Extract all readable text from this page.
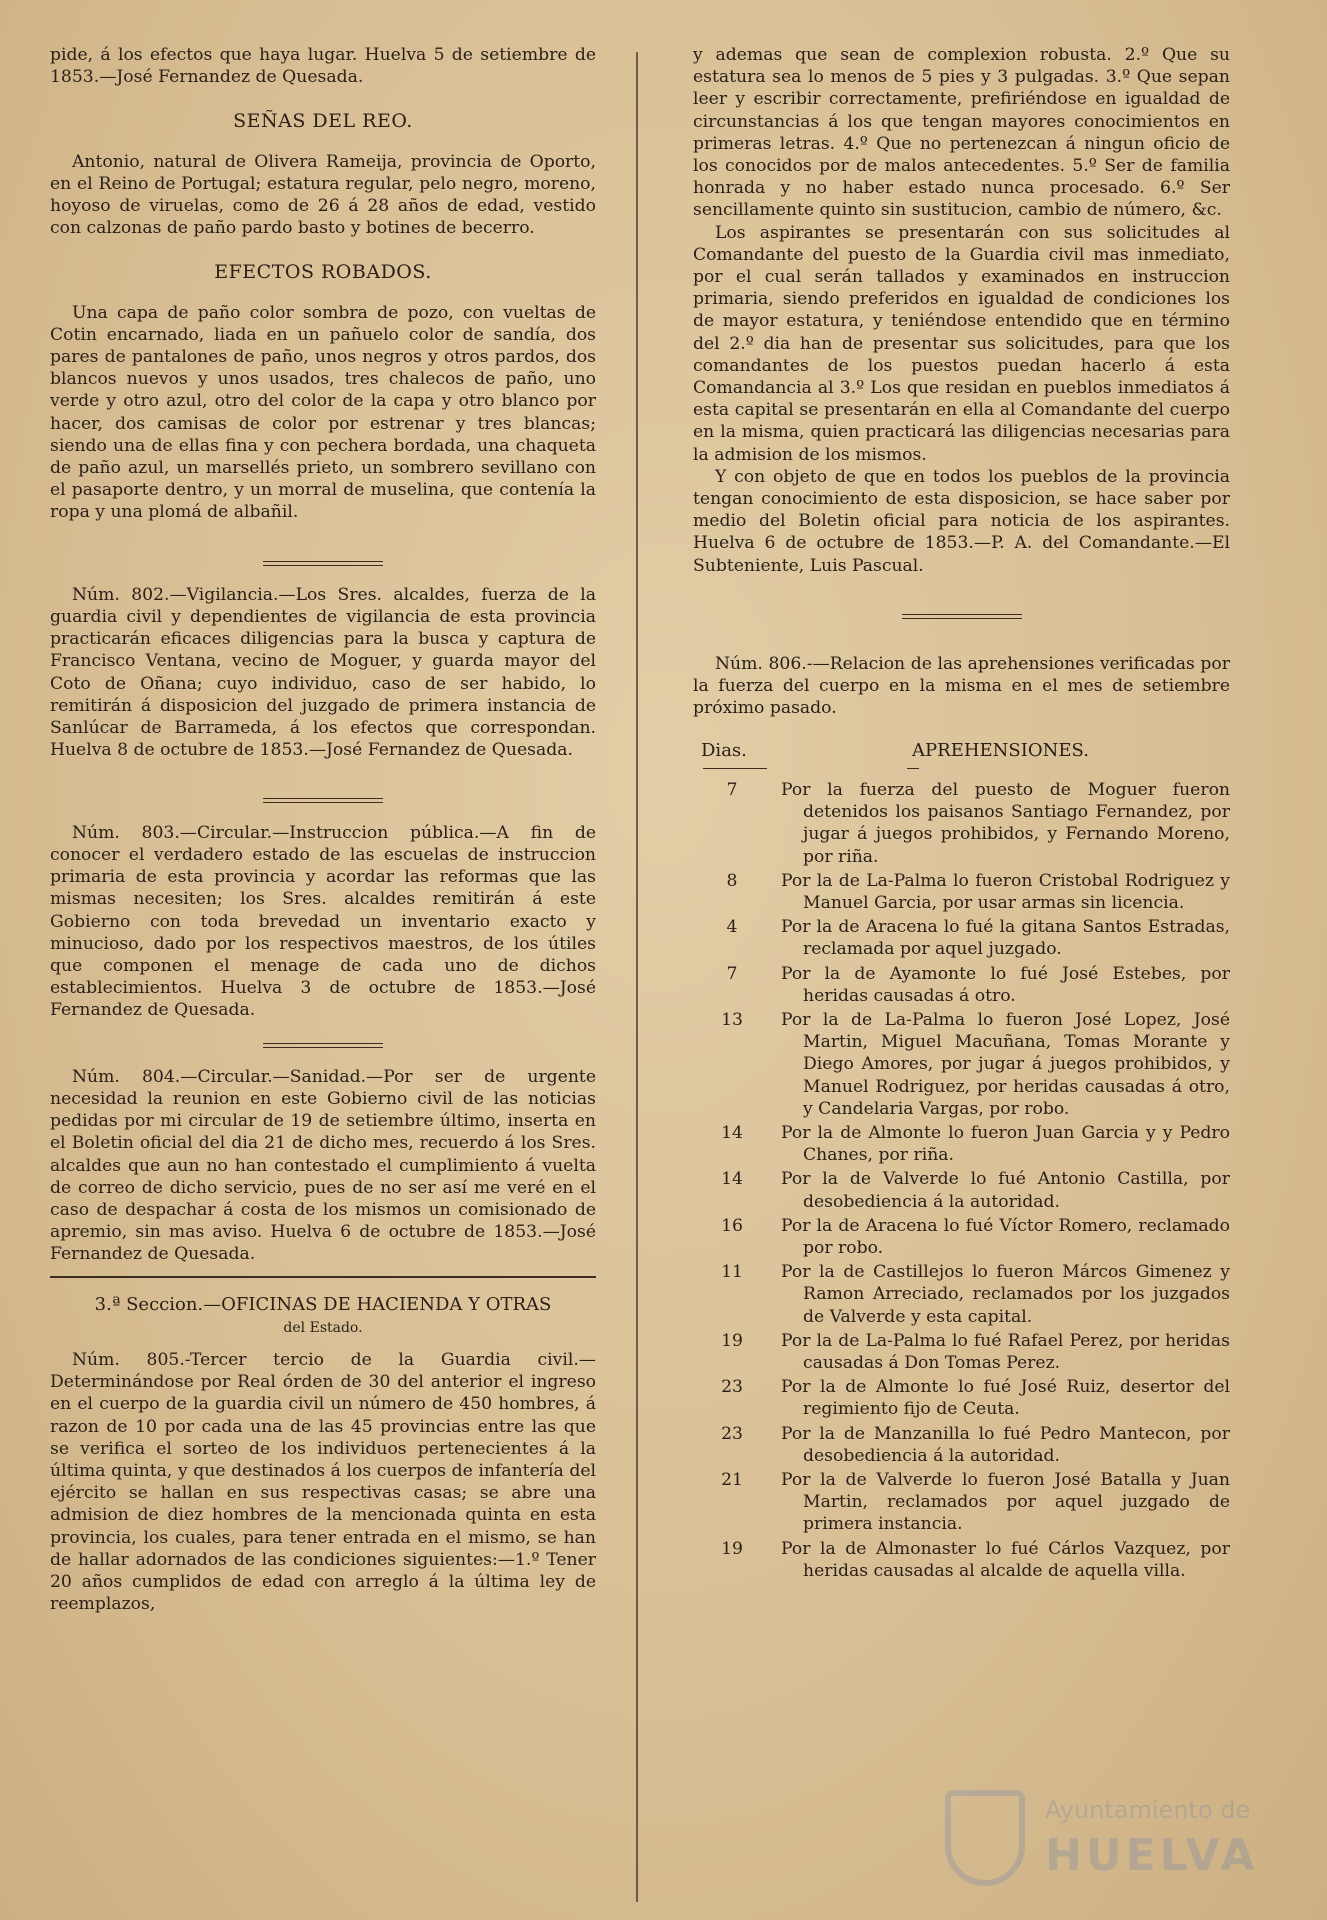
pide, á los efectos que haya lugar. Huelva 5 de setiembre de 1853.—José Fernandez de Quesada.

SEÑAS DEL REO.

Antonio, natural de Olivera Rameija, provincia de Oporto, en el Reino de Portugal; estatura regular, pelo negro, moreno, hoyoso de viruelas, como de 26 á 28 años de edad, vestido con calzonas de paño pardo basto y botines de becerro.

EFECTOS ROBADOS.

Una capa de paño color sombra de pozo, con vueltas de Cotin encarnado, liada en un pañuelo color de sandía, dos pares de pantalones de paño, unos negros y otros pardos, dos blancos nuevos y unos usados, tres chalecos de paño, uno verde y otro azul, otro del color de la capa y otro blanco por hacer, dos camisas de color por estrenar y tres blancas; siendo una de ellas fina y con pechera bordada, una chaqueta de paño azul, un marsellés prieto, un sombrero sevillano con el pasaporte dentro, y un morral de muselina, que contenía la ropa y una plomá de albañil.

Núm. 802.—Vigilancia.—Los Sres. alcaldes, fuerza de la guardia civil y dependientes de vigilancia de esta provincia practicarán eficaces diligencias para la busca y captura de Francisco Ventana, vecino de Moguer, y guarda mayor del Coto de Oñana; cuyo individuo, caso de ser habido, lo remitirán á disposicion del juzgado de primera instancia de Sanlúcar de Barrameda, á los efectos que correspondan. Huelva 8 de octubre de 1853.—José Fernandez de Quesada.

Núm. 803.—Circular.—Instruccion pública.—A fin de conocer el verdadero estado de las escuelas de instruccion primaria de esta provincia y acordar las reformas que las mismas necesiten; los Sres. alcaldes remitirán á este Gobierno con toda brevedad un inventario exacto y minucioso, dado por los respectivos maestros, de los útiles que componen el menage de cada uno de dichos establecimientos. Huelva 3 de octubre de 1853.—José Fernandez de Quesada.

Núm. 804.—Circular.—Sanidad.—Por ser de urgente necesidad la reunion en este Gobierno civil de las noticias pedidas por mi circular de 19 de setiembre último, inserta en el Boletin oficial del dia 21 de dicho mes, recuerdo á los Sres. alcaldes que aun no han contestado el cumplimiento á vuelta de correo de dicho servicio, pues de no ser así me veré en el caso de despachar á costa de los mismos un comisionado de apremio, sin mas aviso. Huelva 6 de octubre de 1853.—José Fernandez de Quesada.

3.ª Seccion.—OFICINAS DE HACIENDA Y OTRAS
del Estado.

Núm. 805.-Tercer tercio de la Guardia civil.—Determinándose por Real órden de 30 del anterior el ingreso en el cuerpo de la guardia civil un número de 450 hombres, á razon de 10 por cada una de las 45 provincias entre las que se verifica el sorteo de los individuos pertenecientes á la última quinta, y que destinados á los cuerpos de infantería del ejército se hallan en sus respectivas casas; se abre una admision de diez hombres de la mencionada quinta en esta provincia, los cuales, para tener entrada en el mismo, se han de hallar adornados de las condiciones siguientes:—1.º Tener 20 años cumplidos de edad con arreglo á la última ley de reemplazos,

y ademas que sean de complexion robusta. 2.º Que su estatura sea lo menos de 5 pies y 3 pulgadas. 3.º Que sepan leer y escribir correctamente, prefiriéndose en igualdad de circunstancias á los que tengan mayores conocimientos en primeras letras. 4.º Que no pertenezcan á ningun oficio de los conocidos por de malos antecedentes. 5.º Ser de familia honrada y no haber estado nunca procesado. 6.º Ser sencillamente quinto sin sustitucion, cambio de número, &c.

Los aspirantes se presentarán con sus solicitudes al Comandante del puesto de la Guardia civil mas inmediato, por el cual serán tallados y examinados en instruccion primaria, siendo preferidos en igualdad de condiciones los de mayor estatura, y teniéndose entendido que en término del 2.º dia han de presentar sus solicitudes, para que los comandantes de los puestos puedan hacerlo á esta Comandancia al 3.º Los que residan en pueblos inmediatos á esta capital se presentarán en ella al Comandante del cuerpo en la misma, quien practicará las diligencias necesarias para la admision de los mismos.

Y con objeto de que en todos los pueblos de la provincia tengan conocimiento de esta disposicion, se hace saber por medio del Boletin oficial para noticia de los aspirantes. Huelva 6 de octubre de 1853.—P. A. del Comandante.—El Subteniente, Luis Pascual.

Núm. 806.-—Relacion de las aprehensiones verificadas por la fuerza del cuerpo en la misma en el mes de setiembre próximo pasado.

Dias.	APREHENSIONES.
7	Por la fuerza del puesto de Moguer fueron detenidos los paisanos Santiago Fernandez, por jugar á juegos prohibidos, y Fernando Moreno, por riña.
8	Por la de La-Palma lo fueron Cristobal Rodriguez y Manuel Garcia, por usar armas sin licencia.
4	Por la de Aracena lo fué la gitana Santos Estradas, reclamada por aquel juzgado.
7	Por la de Ayamonte lo fué José Estebes, por heridas causadas á otro.
13	Por la de La-Palma lo fueron José Lopez, José Martin, Miguel Macuñana, Tomas Morante y Diego Amores, por jugar á juegos prohibidos, y Manuel Rodriguez, por heridas causadas á otro, y Candelaria Vargas, por robo.
14	Por la de Almonte lo fueron Juan Garcia y y Pedro Chanes, por riña.
14	Por la de Valverde lo fué Antonio Castilla, por desobediencia á la autoridad.
16	Por la de Aracena lo fué Víctor Romero, reclamado por robo.
11	Por la de Castillejos lo fueron Márcos Gimenez y Ramon Arreciado, reclamados por los juzgados de Valverde y esta capital.
19	Por la de La-Palma lo fué Rafael Perez, por heridas causadas á Don Tomas Perez.
23	Por la de Almonte lo fué José Ruiz, desertor del regimiento fijo de Ceuta.
23	Por la de Manzanilla lo fué Pedro Mantecon, por desobediencia á la autoridad.
21	Por la de Valverde lo fueron José Batalla y Juan Martin, reclamados por aquel juzgado de primera instancia.
19	Por la de Almonaster lo fué Cárlos Vazquez, por heridas causadas al alcalde de aquella villa.
Ayuntamiento de
HUELVA
